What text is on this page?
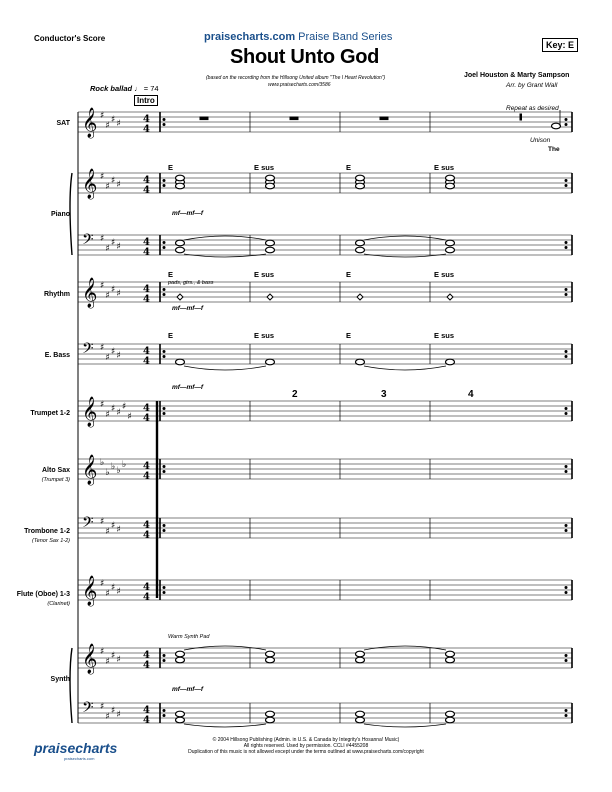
Conductor's Score	praisecharts.com Praise Band Series
Key: E
Shout Unto God
(based on the recording from the Hillsong United album "The I Heart Revolution")
www.praisecharts.com/3586
Joel Houston & Marty Sampson
Arr. by Grant Wall
Rock ballad ♩ = 74
Intro
SAT
Piano
Rhythm
E. Bass
Trumpet 1-2
Alto Sax
(Trumpet 3)
Trombone 1-2
(Tenor Sax 1-2)
Flute (Oboe) 1-3
(Clarinet)
Synth
E	E sus	E	E sus
E	E sus	E	E sus
E	E sus	E	E sus
Repeat as desired
Unison
The
pads, gtrs., & bass
Warm Synth Pad
mf—mf—f
mf—mf—f
mf—mf—f
mf—mf—f
2	3	4
𝄞 ♯
♯
♯ ♯ 4
4
𝄞 ♯
♯
♯ ♯ 4
4
𝄢 ♯
♯
♯ ♯ 4
4
𝄞 ♯
♯
♯ ♯ 4
4
𝄢 ♯
♯
♯ ♯ 4
4
𝄞 ♯
♯
♯ ♯
♯
♯
4
4
𝄞 ♭
♭
♭ ♭
♭ 4
4
𝄢 ♯
♯
♯ ♯ 4
4
𝄞 ♯
♯
♯ ♯ 4
4
𝄞 ♯
♯
♯ ♯ 4
4
𝄢 ♯
♯
♯ ♯ 4
4
© 2004 Hillsong Publishing (Admin. in U.S. & Canada by Integrity's Hosanna! Music)
All rights reserved. Used by permission. CCLI #4455208
Duplication of this music is not allowed except under the terms outlined at www.praisecharts.com/copyright
praisecharts
praisecharts.com
